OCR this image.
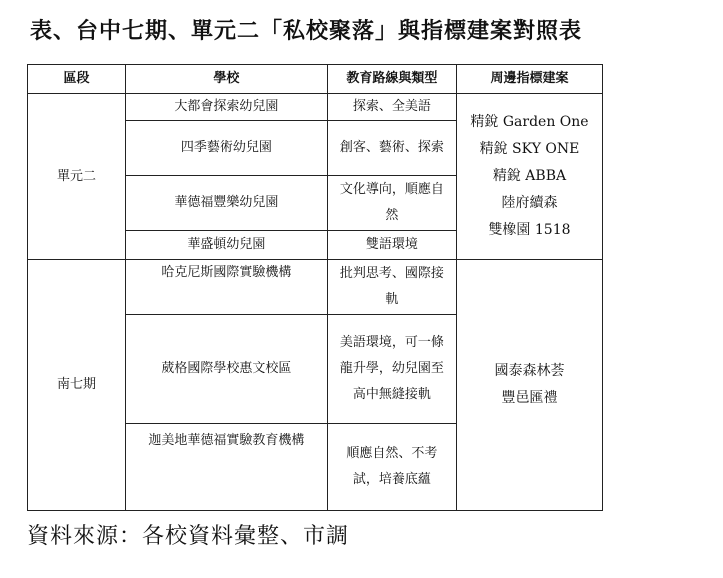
表、台中七期、單元二「私校聚落」與指標建案對照表
區段	學校	教育路線與類型	周邊指標建案
單元二	大都會探索幼兒園	探索、全美語	精銳 Garden One
精銳 SKY ONE
精銳 ABBA
陸府續森
雙橡園 1518

	四季藝術幼兒園	創客、藝術、探索	
	華德福豐樂幼兒園	文化導向，順應自然	
	華盛頓幼兒園	雙語環境	
南七期	哈克尼斯國際實驗機構	批判思考、國際接軌	國泰森林荟
豐邑匯禮

	葳格國際學校惠文校區	美語環境，可一條龍升學，幼兒園至高中無縫接軌	
	迦美地華德福實驗教育機構	順應自然、不考試，培養底蘊	
資料來源：各校資料彙整、市調
